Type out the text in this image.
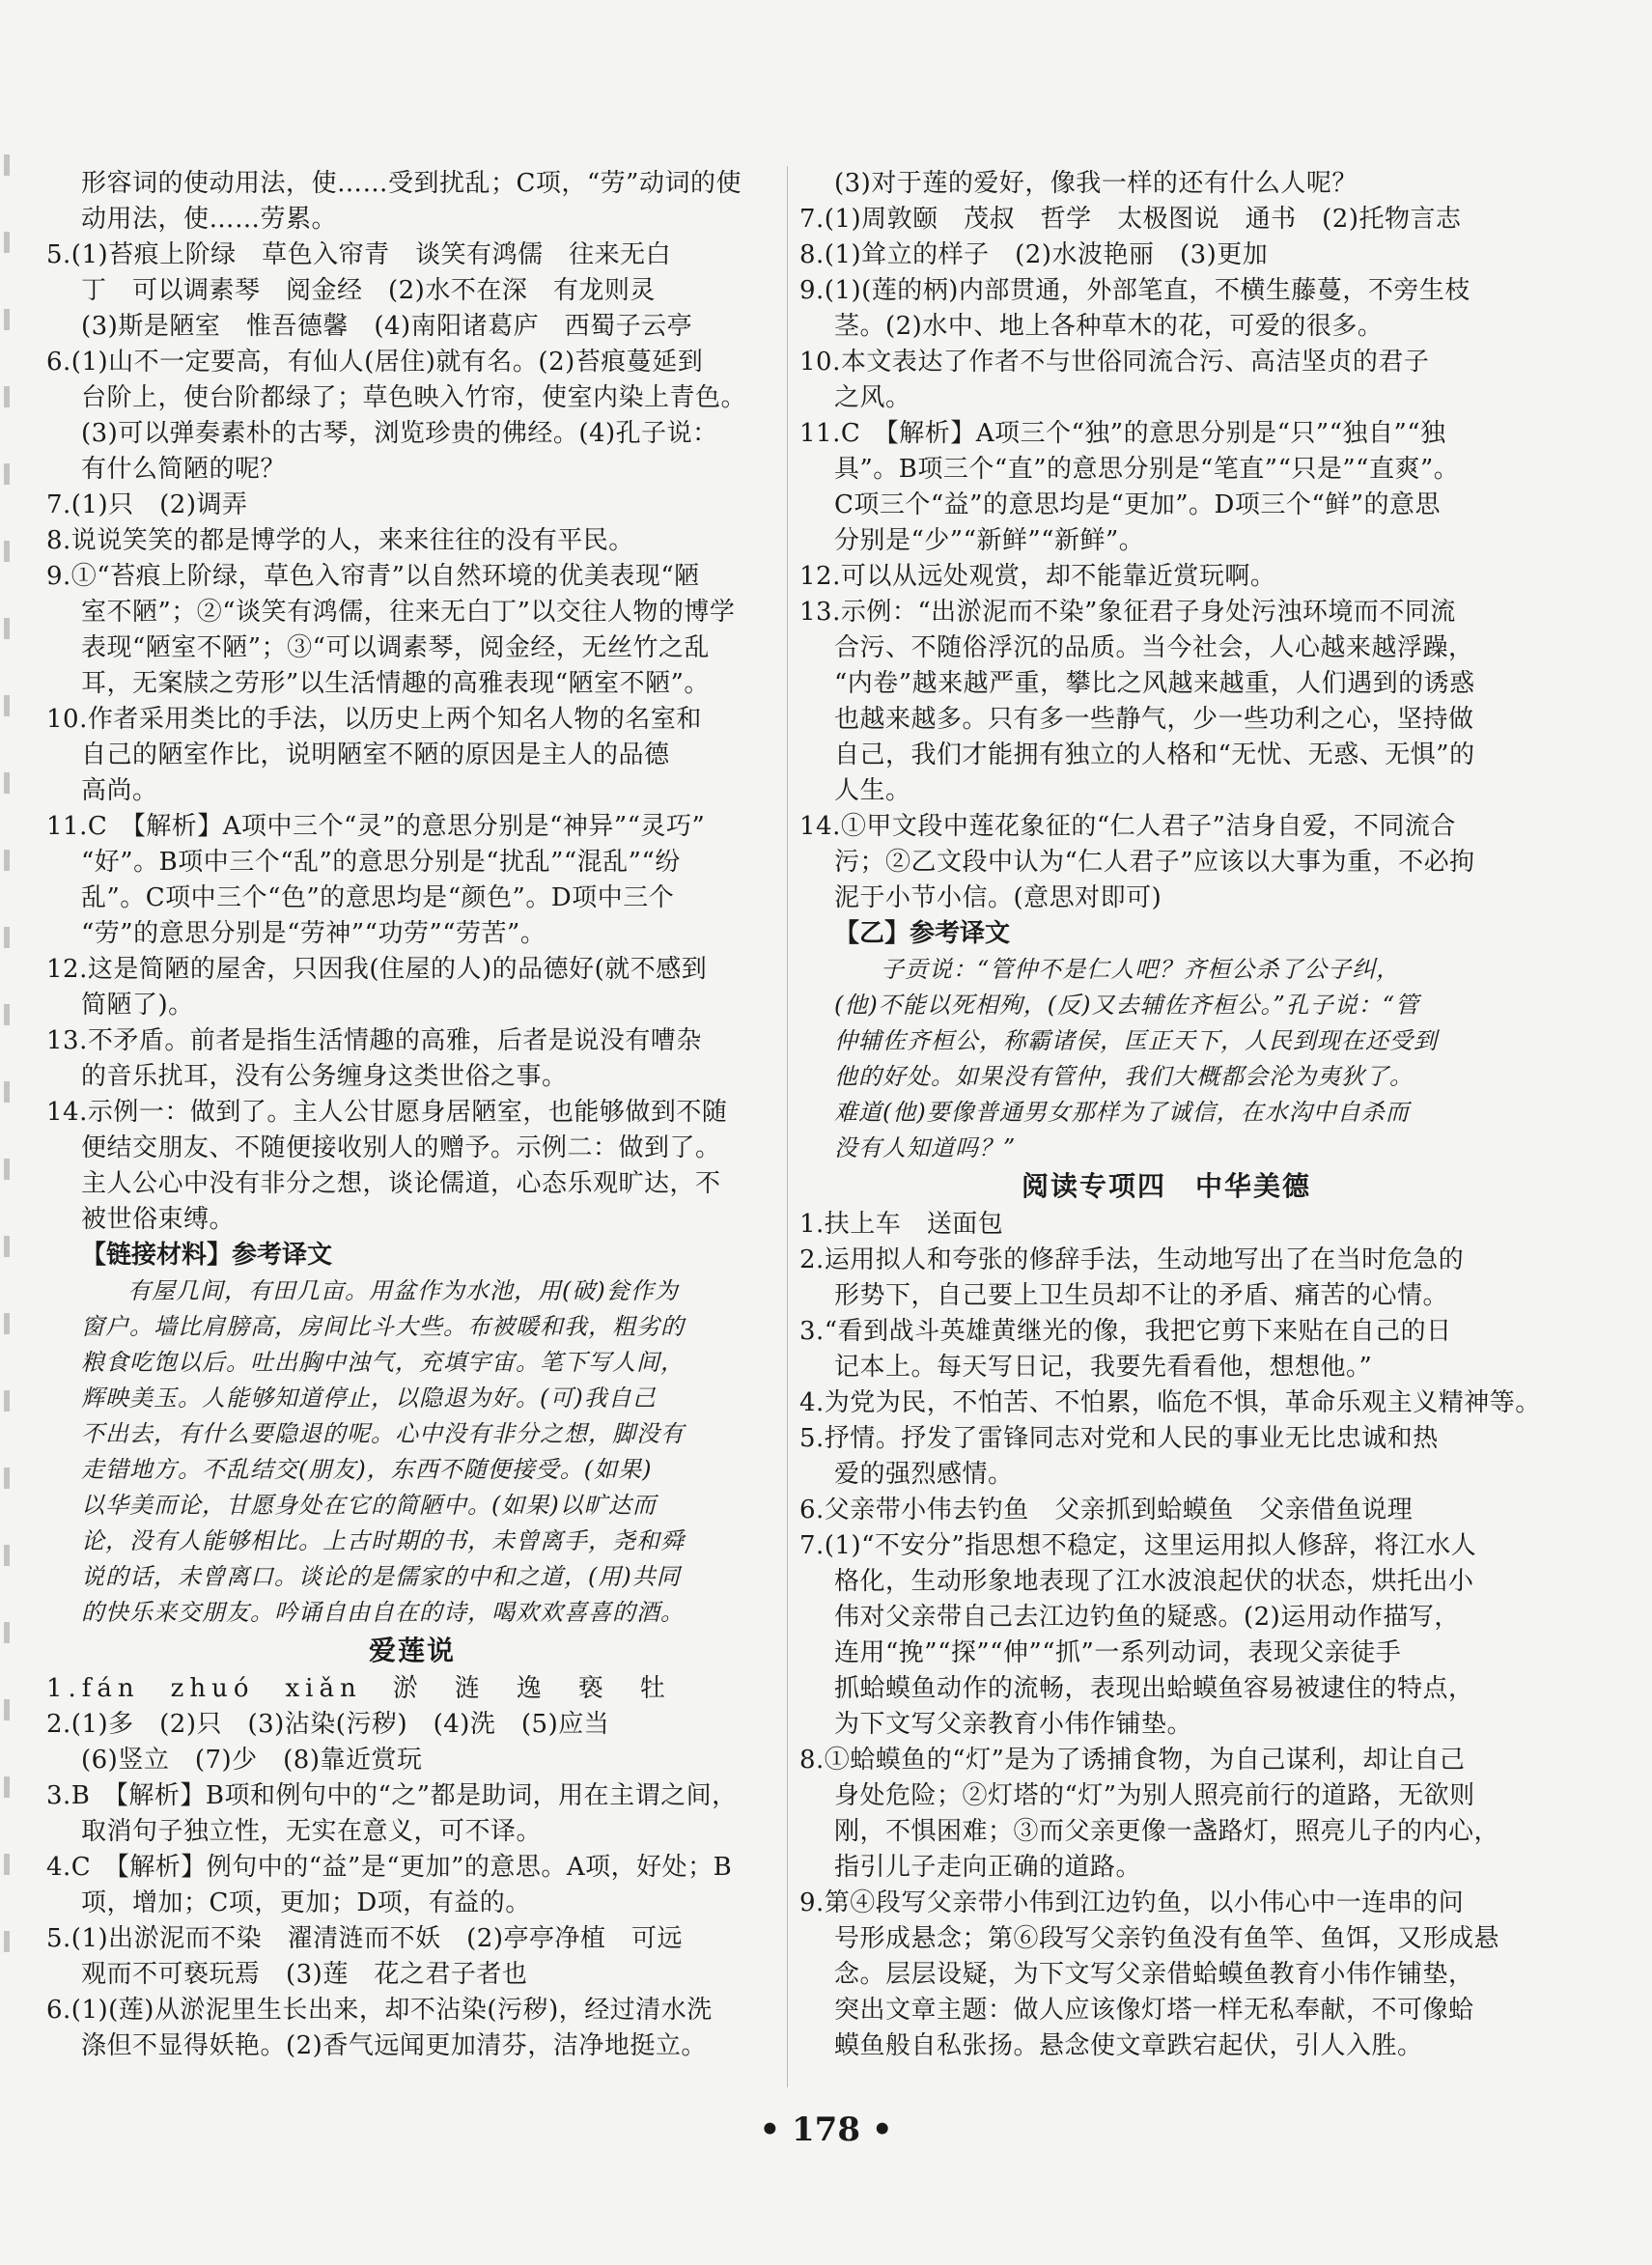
形容词的使动用法，使……受到扰乱；C项，“劳”动词的使
动用法，使……劳累。
5.(1)苔痕上阶绿　草色入帘青　谈笑有鸿儒　往来无白
丁　可以调素琴　阅金经　(2)水不在深　有龙则灵
(3)斯是陋室　惟吾德馨　(4)南阳诸葛庐　西蜀子云亭
6.(1)山不一定要高，有仙人(居住)就有名。(2)苔痕蔓延到
台阶上，使台阶都绿了；草色映入竹帘，使室内染上青色。
(3)可以弹奏素朴的古琴，浏览珍贵的佛经。(4)孔子说：
有什么简陋的呢？
7.(1)只　(2)调弄
8.说说笑笑的都是博学的人，来来往往的没有平民。
9.①“苔痕上阶绿，草色入帘青”以自然环境的优美表现“陋
室不陋”；②“谈笑有鸿儒，往来无白丁”以交往人物的博学
表现“陋室不陋”；③“可以调素琴，阅金经，无丝竹之乱
耳，无案牍之劳形”以生活情趣的高雅表现“陋室不陋”。
10.作者采用类比的手法，以历史上两个知名人物的名室和
自己的陋室作比，说明陋室不陋的原因是主人的品德
高尚。
11.C　【解析】A项中三个“灵”的意思分别是“神异”“灵巧”
“好”。B项中三个“乱”的意思分别是“扰乱”“混乱”“纷
乱”。C项中三个“色”的意思均是“颜色”。D项中三个
“劳”的意思分别是“劳神”“功劳”“劳苦”。
12.这是简陋的屋舍，只因我(住屋的人)的品德好(就不感到
简陋了)。
13.不矛盾。前者是指生活情趣的高雅，后者是说没有嘈杂
的音乐扰耳，没有公务缠身这类世俗之事。
14.示例一：做到了。主人公甘愿身居陋室，也能够做到不随
便结交朋友、不随便接收别人的赠予。示例二：做到了。
主人公心中没有非分之想，谈论儒道，心态乐观旷达，不
被世俗束缚。
【链接材料】参考译文
有屋几间，有田几亩。用盆作为水池，用(破)瓮作为
窗户。墙比肩膀高，房间比斗大些。布被暖和我，粗劣的
粮食吃饱以后。吐出胸中浊气，充填宇宙。笔下写人间，
辉映美玉。人能够知道停止，以隐退为好。(可)我自己
不出去，有什么要隐退的呢。心中没有非分之想，脚没有
走错地方。不乱结交(朋友)，东西不随便接受。(如果)
以华美而论，甘愿身处在它的简陋中。(如果)以旷达而
论，没有人能够相比。上古时期的书，未曾离手，尧和舜
说的话，未曾离口。谈论的是儒家的中和之道，(用)共同
的快乐来交朋友。吟诵自由自在的诗，喝欢欢喜喜的酒。
爱莲说
1.fán　zhuó　xiǎn　淤　涟　逸　亵　牡
2.(1)多　(2)只　(3)沾染(污秽)　(4)洗　(5)应当
(6)竖立　(7)少　(8)靠近赏玩
3.B　【解析】B项和例句中的“之”都是助词，用在主谓之间，
取消句子独立性，无实在意义，可不译。
4.C　【解析】例句中的“益”是“更加”的意思。A项，好处；B
项，增加；C项，更加；D项，有益的。
5.(1)出淤泥而不染　濯清涟而不妖　(2)亭亭净植　可远
观而不可亵玩焉　(3)莲　花之君子者也
6.(1)(莲)从淤泥里生长出来，却不沾染(污秽)，经过清水洗
涤但不显得妖艳。(2)香气远闻更加清芬，洁净地挺立。
(3)对于莲的爱好，像我一样的还有什么人呢？
7.(1)周敦颐　茂叔　哲学　太极图说　通书　(2)托物言志
8.(1)耸立的样子　(2)水波艳丽　(3)更加
9.(1)(莲的柄)内部贯通，外部笔直，不横生藤蔓，不旁生枝
茎。(2)水中、地上各种草木的花，可爱的很多。
10.本文表达了作者不与世俗同流合污、高洁坚贞的君子
之风。
11.C　【解析】A项三个“独”的意思分别是“只”“独自”“独
具”。B项三个“直”的意思分别是“笔直”“只是”“直爽”。
C项三个“益”的意思均是“更加”。D项三个“鲜”的意思
分别是“少”“新鲜”“新鲜”。
12.可以从远处观赏，却不能靠近赏玩啊。
13.示例：“出淤泥而不染”象征君子身处污浊环境而不同流
合污、不随俗浮沉的品质。当今社会，人心越来越浮躁，
“内卷”越来越严重，攀比之风越来越重，人们遇到的诱惑
也越来越多。只有多一些静气，少一些功利之心，坚持做
自己，我们才能拥有独立的人格和“无忧、无惑、无惧”的
人生。
14.①甲文段中莲花象征的“仁人君子”洁身自爱，不同流合
污；②乙文段中认为“仁人君子”应该以大事为重，不必拘
泥于小节小信。(意思对即可)
【乙】参考译文
子贡说：“管仲不是仁人吧？齐桓公杀了公子纠，
(他)不能以死相殉，(反)又去辅佐齐桓公。”孔子说：“管
仲辅佐齐桓公，称霸诸侯，匡正天下，人民到现在还受到
他的好处。如果没有管仲，我们大概都会沦为夷狄了。
难道(他)要像普通男女那样为了诚信，在水沟中自杀而
没有人知道吗？”
阅读专项四　中华美德
1.扶上车　送面包
2.运用拟人和夸张的修辞手法，生动地写出了在当时危急的
形势下，自己要上卫生员却不让的矛盾、痛苦的心情。
3.“看到战斗英雄黄继光的像，我把它剪下来贴在自己的日
记本上。每天写日记，我要先看看他，想想他。”
4.为党为民，不怕苦、不怕累，临危不惧，革命乐观主义精神等。
5.抒情。抒发了雷锋同志对党和人民的事业无比忠诚和热
爱的强烈感情。
6.父亲带小伟去钓鱼　父亲抓到蛤蟆鱼　父亲借鱼说理
7.(1)“不安分”指思想不稳定，这里运用拟人修辞，将江水人
格化，生动形象地表现了江水波浪起伏的状态，烘托出小
伟对父亲带自己去江边钓鱼的疑惑。(2)运用动作描写，
连用“挽”“探”“伸”“抓”一系列动词，表现父亲徒手
抓蛤蟆鱼动作的流畅，表现出蛤蟆鱼容易被逮住的特点，
为下文写父亲教育小伟作铺垫。
8.①蛤蟆鱼的“灯”是为了诱捕食物，为自己谋利，却让自己
身处危险；②灯塔的“灯”为别人照亮前行的道路，无欲则
刚，不惧困难；③而父亲更像一盏路灯，照亮儿子的内心，
指引儿子走向正确的道路。
9.第④段写父亲带小伟到江边钓鱼，以小伟心中一连串的问
号形成悬念；第⑥段写父亲钓鱼没有鱼竿、鱼饵，又形成悬
念。层层设疑，为下文写父亲借蛤蟆鱼教育小伟作铺垫，
突出文章主题：做人应该像灯塔一样无私奉献，不可像蛤
蟆鱼般自私张扬。悬念使文章跌宕起伏，引人入胜。
• 178 •
